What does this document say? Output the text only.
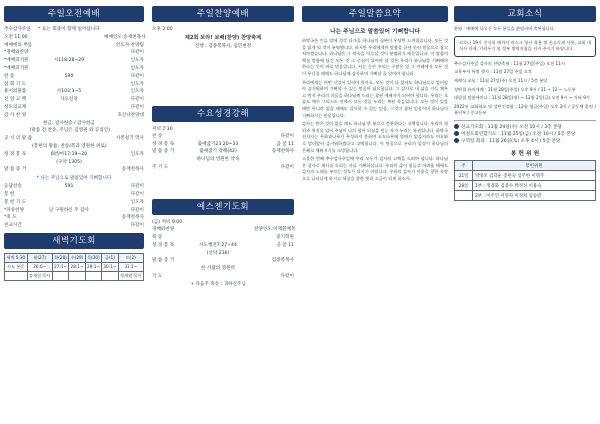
주일오전예배
추수감사주일	* 표는 회중이 함께 일어납니다
오전 11:00	예배인도:송재천목사
예배에의 부름	인도자·찬양팀
*경배와찬양	다같이
*예배의기원	시118:28~29	인도자
*예배의기원	인도자
찬 송	590	다같이
참 회 기 도	인도자
용서의말씀	사103:3~5	인도자
신 앙 고 백	사도신경	다같이
성도의교제	다같이
감 사 찬 양	호산나찬양대
헌금: 감사한송 / 감사헌금
(말씀 전 찬송, 주님은 김영권 외 공의인)
공 시 의 말 씀	사본설기 먹사
(봉헌의 말씀: 찬송/복과 영원한 위로)
성 경 봉 독	6번/마17:19~20	인도자
(구약 1305)
말 씀 증 거	송재천목사
* 나는 주님으로 말씀있어 기뻐합니다
응답찬송	591	다같이
봉 헌	다같이
봉 헌 기 도	인도자
*파송찬양	날 구원하신 주 감사	다같이
*축 도	송재천목사
친교시간	다같이
새벽기도회
새벽 5:30	월(27)	화(28)	수(29)	목(30)	금(1)	토(2)
사도 본문	26:6~	27:1~	28:1~	29:1~	30:1~	31:1~
	송재천 목사					정재원 목사
주일찬양예배
오후 2:00
제2회 보라! 보배(찬양) 찬양축제
진행 : 김종복목사, 김민현정
수요성경강해
저녁 7:30
찬 송	다같이
성 경 봉 독	출애굽기23:20~33	곰 굴 11
말 씀 증 거	출애굽기 강해(42)	송재천목사
하나님의 영원한 약속
주 기 도	다같이
예스젠기도회
(금) 저녁 9:00
경배와찬양	찬양인도:이재환제복
묵 송	중기학원
성 경 봉 독	사도행전7:27~44	공 굴 11
(신약 236)
말 씀 증 거	김종복목사
한 사람의 영원력
기 도	다같이
+ 다음주 축송 : 귀하신주님
주일말씀요약
나는 주님으로 말씀있어 기뻐합니다

하박국은 인류 말에 경각 다가올 하나님의 심판이 우당만 느껴졌습니다. 모든 것을 잃게 될 것이 분명했니다. 하지만 우리에게이 말씀을 끝낸 듯이 믿음으로 참고 쳐야겠습니다. 하나님은 그 약속을 이루실 것이 분명하기 때문입니다. 이 말씀의 핵심 말씀에 담긴 모든 것 그 중심이 되어야 할 것은 우리가 하나님을 기뻐해야 한다는 뜻이 바로 믿음입니다. 사는 동안 우리는 수많은 일 그 아래에서 모든 것이 무너질 때에도 하나님께 감사하며 기뻐할 줄 알아야 합니다.

우리에게는 어떤 신앙이 있어야 할까요. 모든 것이 다 잃어도 하나님으로 말미암아 즐거워하며 기뻐할 수 있는 믿음이 필요합니다. 그 감사로 내 삶을 가득 채우고 먼저 우리의 마음을 하나님께 드리는 참된 예배자가 되어야 합니다. 우리는 오늘도 예수 그리스도 안에서 모든 것을 누리는 복된 자들입니다. 모든 것이 있을 때만 아니라 없을 때에도 감사할 수 있는 믿음, 그것이 참된 믿음이며 하나님이 기뻐하시는 믿음입니다.

감사는 받은 것이 없을 때도 하나님 한 분으로 충분하다는 고백입니다. 우리의 형편과 처지를 넘어 주님이 나의 힘이 되심을 믿는 자가 누리는 특권입니다. 하박국 선지자는 무화과나무가 무성하지 못하며 포도나무에 열매가 없을지라도 여호와로 말미암아 즐거워하겠다고 고백합니다. 이 믿음으로 우리의 일상이 하나님의 은혜로 채워지기를 소망합니다.

스물한 번째 추수감사주일에 우리 모두가 감사의 고백을 드려야 합니다. 하나님은 감사로 제사를 드리는 자를 기뻐하십니다. 우리의 삶이 힘들고 어려울 때에도 감사의 노래를 부르는 성도가 되시기 바랍니다. 우리의 감사가 이웃을 향한 사랑으로 나타나게 하시고 세상을 향한 빛과 소금이 되게 하소서.

교회소식
환영 : 예배에 나오신 모든 분들을 환영하며 축복합니다.
코로나 19가 중식될 때까지 마스크 항시 착용 및 손소독제 사용, 교회 내 식사 자제, 거리두기 외 정부 방역지침을 지켜 주시기 바랍니다.
추수감사주일 감사의 찬양축제 : 11월 27일(주일) 오전 11시
교육부서 특별 행사 : 11월 27일 주일 오후
세례식 교육 : 11월 27일(주) 오전 11시 / 5층 본당
성탄절 유아세례 : 11월 28일(주일) 오후 9시 / 11 ~ 12 ~ 노동부
대림절 말씀세미나 : 11월 28일(월) ~ 12월 2일(금) 오전 9시 ~ 저녁 9시
2022년 교회학교 및 성탄인정영 : 12월 영급(주일) 오후 2시 / 공동체 훈련 / 유년부 / 중고등부
선교기도회 : 11월 24일(수) 오전 10시 / 3층 본당
여전도회연합기도 : 11월 25일(금) 오전 10시 / 5층 본당
구역장 회의 : 11월 26일(토) 오후 4시 / 5층 본당
봉 헌 위 원
주	봉헌위원
21일	박영모 김학순 송현숙 심주한 이명주
28일	1부 : 정경화 김종수 박경선 이용숙
	2부 : 이주연 이영자 이정희 임승빈
